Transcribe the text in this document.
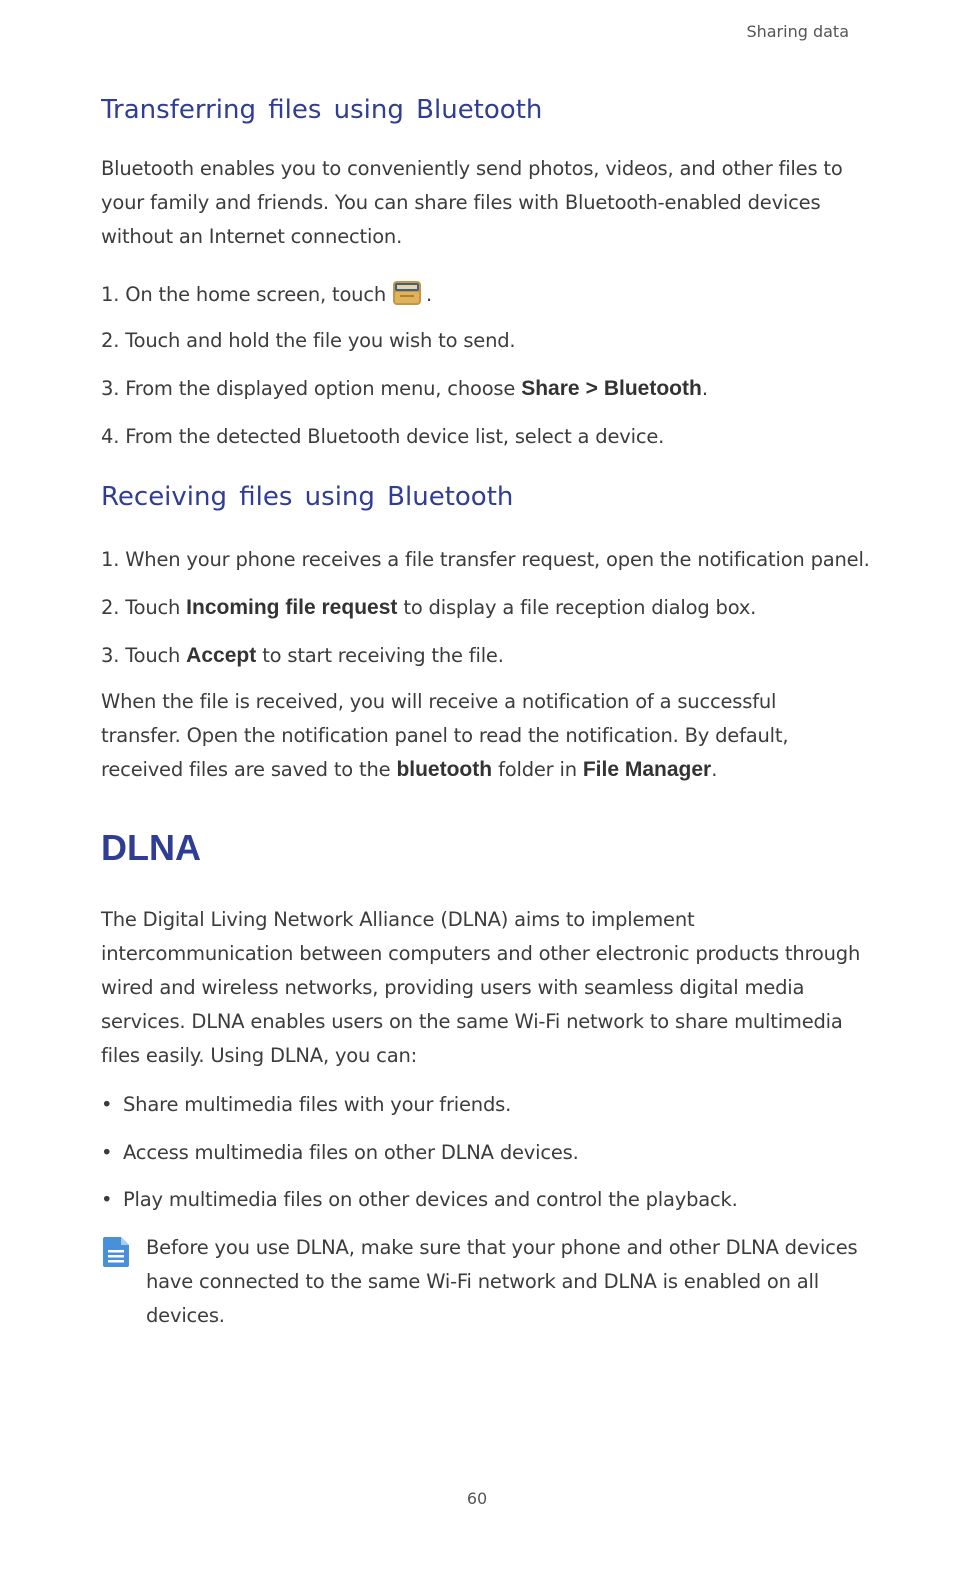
Sharing data
Transferring files using Bluetooth

Bluetooth enables you to conveniently send photos, videos, and other files to your family and friends. You can share files with Bluetooth-enabled devices without an Internet connection.

1. On the home screen, touch .

2. Touch and hold the file you wish to send.

3. From the displayed option menu, choose Share > Bluetooth.

4. From the detected Bluetooth device list, select a device.

Receiving files using Bluetooth

1. When your phone receives a file transfer request, open the notification panel.

2. Touch Incoming file request to display a file reception dialog box.

3. Touch Accept to start receiving the file.

When the file is received, you will receive a notification of a successful transfer. Open the notification panel to read the notification. By default, received files are saved to the bluetooth folder in File Manager.

DLNA

The Digital Living Network Alliance (DLNA) aims to implement intercommunication between computers and other electronic products through wired and wireless networks, providing users with seamless digital media services. DLNA enables users on the same Wi-Fi network to share multimedia files easily. Using DLNA, you can:

• Share multimedia files with your friends.
• Access multimedia files on other DLNA devices.
• Play multimedia files on other devices and control the playback.
Before you use DLNA, make sure that your phone and other DLNA devices have connected to the same Wi-Fi network and DLNA is enabled on all devices.
60
